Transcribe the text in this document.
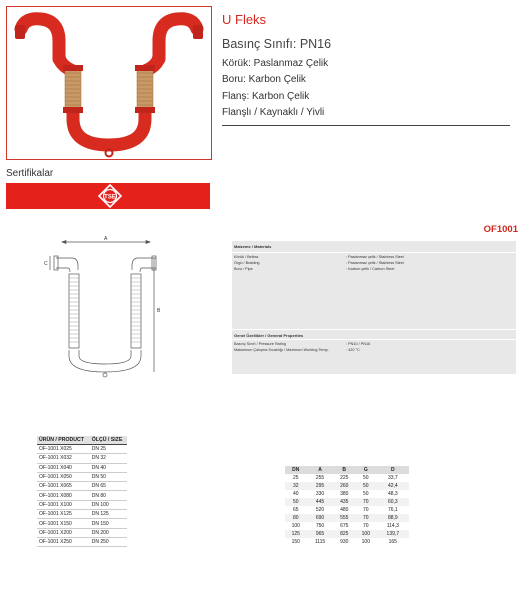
Sertifikalar
TSE
U Fleks
Basınç Sınıfı: PN16
Körük: Paslanmaz Çelik
Boru: Karbon Çelik
Flanş: Karbon Çelik
Flanşlı / Kaynaklı / Yivli
OF1001
A
B
C
Malzeme / Materials
Körük / Bellow	: Paslanmaz çelik / Stainless Steel
Örgü / Braiding	: Paslanmaz çelik / Stainless Steel
Boru / Pipe	: Karbon çelik / Carbon Steel
Genel Özellikler / General Properties
Basınç Sınıfı / Pressure Rating	: PN10 / PN16
Maksimum Çalışma Sıcaklığı / Maximum Working Temp.	: 420 °C
ÜRÜN / PRODUCT	ÖLÇÜ / SIZE
OF-1001 X025	DN 25
OF-1001 X032	DN 32
OF-1001 X040	DN 40
OF-1001 X050	DN 50
OF-1001 X065	DN 65
OF-1001 X080	DN 80
OF-1001 X100	DN 100
OF-1001 X125	DN 125
OF-1001 X150	DN 150
OF-1001 X200	DN 200
OF-1001 X250	DN 250
DN	A	B	G	D
25	255	225	50	33,7
32	295	260	50	42,4
40	330	380	50	48,3
50	445	435	70	60,3
65	520	480	70	76,1
80	690	555	70	88,9
100	750	675	70	114,3
125	965	825	100	139,7
150	1115	930	100	165
